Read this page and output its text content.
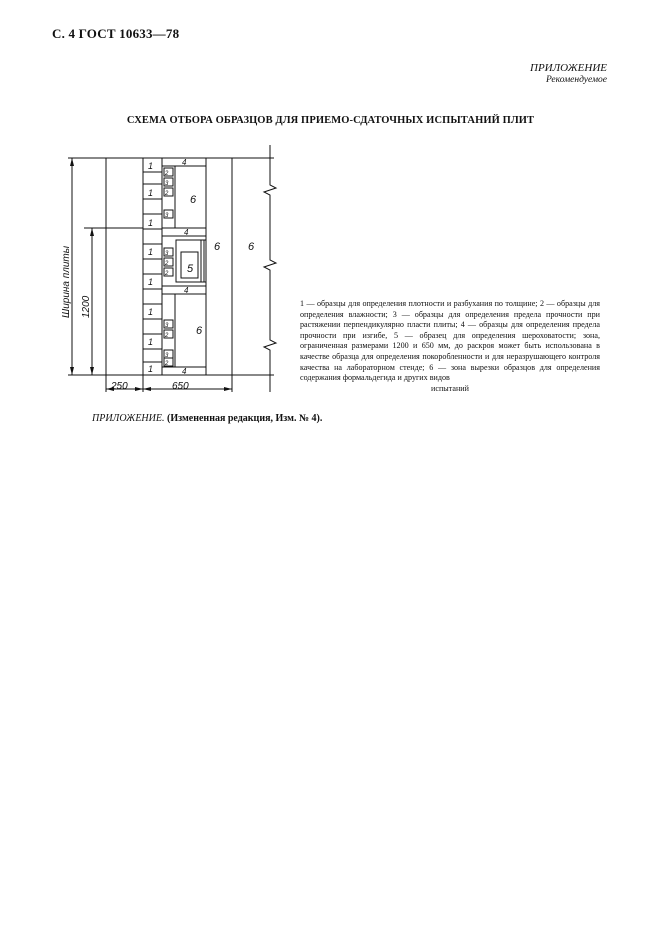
С. 4 ГОСТ 10633—78
ПРИЛОЖЕНИЕ
Рекомендуемое
СХЕМА ОТБОРА ОБРАЗЦОВ ДЛЯ ПРИЕМО-СДАТОЧНЫХ ИСПЫТАНИЙ ПЛИТ
1
1
1
1
1
1
1
1
4
4
4
4
2
3
2
3
3
2
2
3
2
3
2
5
6
6	6
6
250	650
Ширина плиты 1200	1 — образцы для определения плотности и разбухания по толщине; 2 — образцы для определения влажности; 3 — образцы для определения предела прочности при растяжении перпендикулярно пласти плиты; 4 — образцы для определения предела прочности при изгибе, 5 — образец для определения шероховатости; зона, ограниченная размерами 1200 и 650 мм, до раскроя может быть использована в качестве образца для определения покоробленности и для неразрушающего контроля качества на лабораторном стенде; 6 — зона вырезки образцов для определения содержания формальдегида и других видов
испытаний
ПРИЛОЖЕНИЕ. (Измененная редакция, Изм. № 4).
